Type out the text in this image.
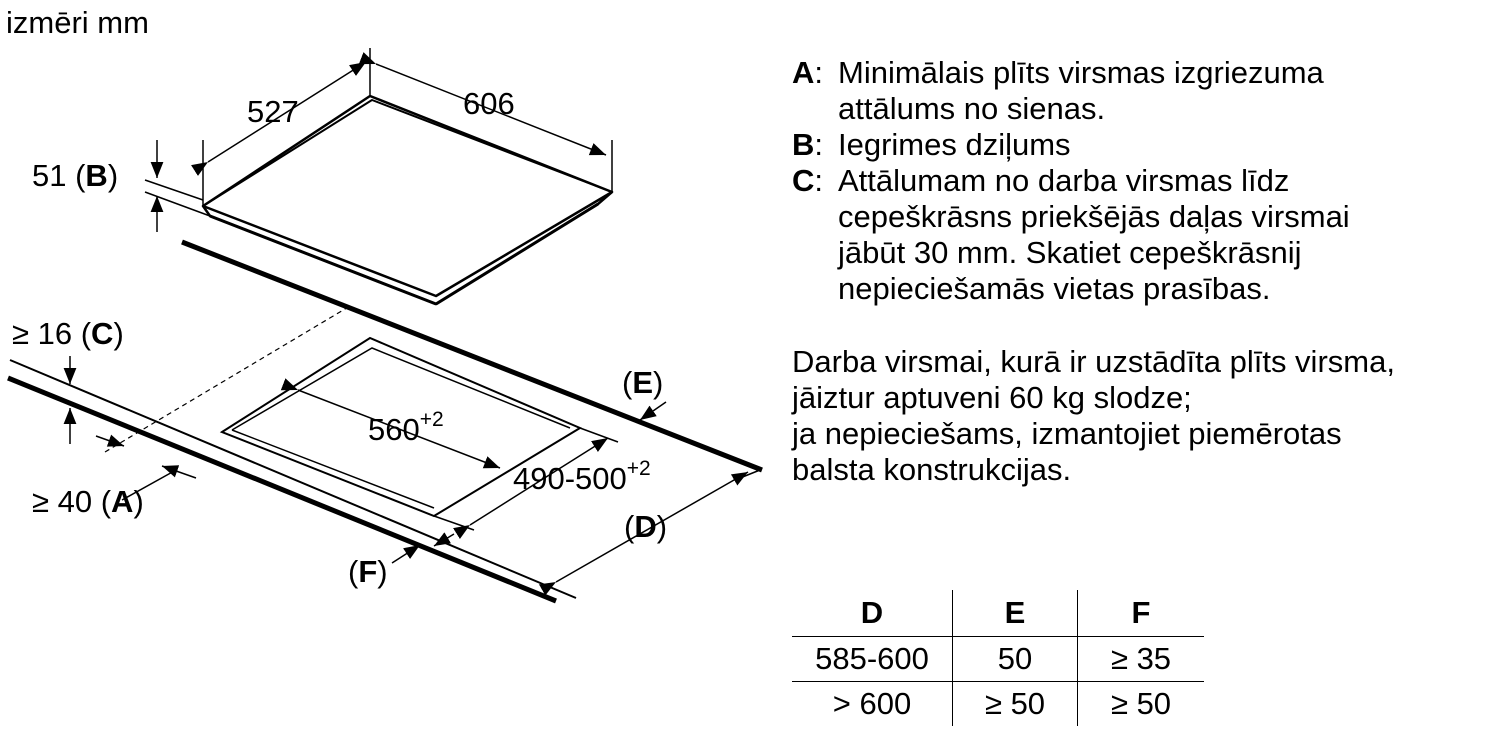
izmēri mm
527	606
51 (B)
$560^{+2}$
$490-500^{+2}$
(D)
(E)
(F)
≥ 16 (C)
≥ 40 (A)
A: Minimālais plīts virsmas izgriezuma
attālums no sienas.
B: Iegrimes dziļums
C: Attālumam no darba virsmas līdz
cepeškrāsns priekšējās daļas virsmai
jābūt 30 mm. Skatiet cepeškrāsnij
nepieciešamās vietas prasības.
Darba virsmai, kurā ir uzstādīta plīts virsma,
jāiztur aptuveni 60 kg slodze;
ja nepieciešams, izmantojiet piemērotas
balsta konstrukcijas.
D	E	F
585-600	50	≥ 35
> 600	≥ 50	≥ 50
